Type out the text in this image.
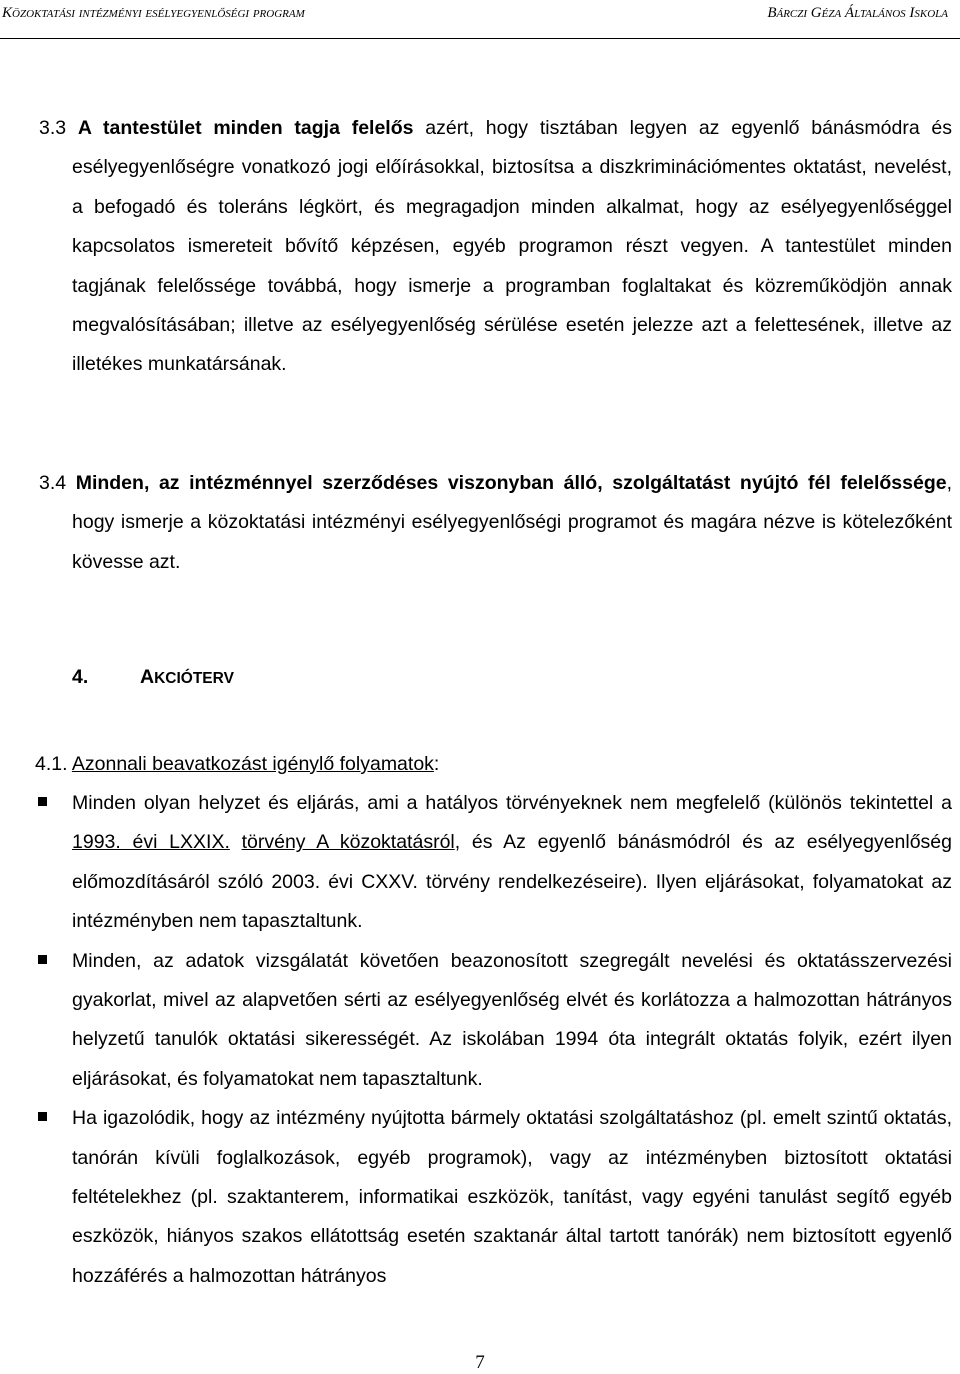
Közoktatási intézményi esélyegyenlőségi program	Bárczi Géza Általános Iskola

3.3 A tantestület minden tagja felelős azért, hogy tisztában legyen az egyenlő bánásmódra és esélyegyenlőségre vonatkozó jogi előírásokkal, biztosítsa a diszkriminációmentes oktatást, nevelést, a befogadó és toleráns légkört, és megragadjon minden alkalmat, hogy az esélyegyenlőséggel kapcsolatos ismereteit bővítő képzésen, egyéb programon részt vegyen. A tantestület minden tagjának felelőssége továbbá, hogy ismerje a programban foglaltakat és közreműködjön annak megvalósításában; illetve az esélyegyenlőség sérülése esetén jelezze azt a felettesének, illetve az illetékes munkatársának.

3.4 Minden, az intézménnyel szerződéses viszonyban álló, szolgáltatást nyújtó fél felelőssége, hogy ismerje a közoktatási intézményi esélyegyenlőségi programot és magára nézve is kötelezőként kövesse azt.

4.	AKCIÓTERV
4.1. Azonnali beavatkozást igénylő folyamatok:
Minden olyan helyzet és eljárás, ami a hatályos törvényeknek nem megfelelő (különös tekintettel a 1993. évi LXXIX. törvény A közoktatásról, és Az egyenlő bánásmódról és az esélyegyenlőség előmozdításáról szóló 2003. évi CXXV. törvény rendelkezéseire). Ilyen eljárásokat, folyamatokat az intézményben nem tapasztaltunk.
Minden, az adatok vizsgálatát követően beazonosított szegregált nevelési és oktatásszervezési gyakorlat, mivel az alapvetően sérti az esélyegyenlőség elvét és korlátozza a halmozottan hátrányos helyzetű tanulók oktatási sikerességét. Az iskolában 1994 óta integrált oktatás folyik, ezért ilyen eljárásokat, és folyamatokat nem tapasztaltunk.
Ha igazolódik, hogy az intézmény nyújtotta bármely oktatási szolgáltatáshoz (pl. emelt szintű oktatás, tanórán kívüli foglalkozások, egyéb programok), vagy az intézményben biztosított oktatási feltételekhez (pl. szaktanterem, informatikai eszközök, tanítást, vagy egyéni tanulást segítő egyéb eszközök, hiányos szakos ellátottság esetén szaktanár által tartott tanórák) nem biztosított egyenlő hozzáférés a halmozottan hátrányos
7
